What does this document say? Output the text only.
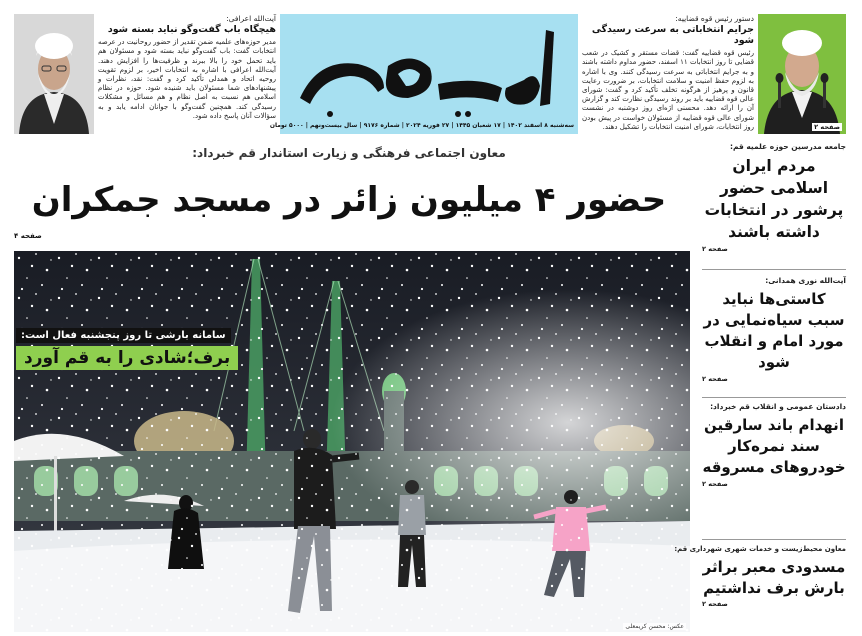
آیت‌الله اعرافی:
هیچگاه باب گفت‌وگو نباید بسته شود
مدیر حوزه‌های علمیه ضمن تقدیر از حضور روحانیت در عرصه انتخابات گفت: باب گفت‌وگو نباید بسته شود و مسئولان هم باید تحمل خود را بالا ببرند و ظرفیت‌ها را افزایش دهند. آیت‌الله اعرافی با اشاره به انتخابات اخیر، بر لزوم تقویت روحیه اتحاد و همدلی تأکید کرد و گفت: نقد، نظرات و پیشنهادهای شما مسئولان باید شنیده شود. حوزه در نظام اسلامی هم نسبت به اصل نظام و هم مسائل و مشکلات رسیدگی کند. همچنین گفت‌وگو با جوانان ادامه یابد و به سؤالات آنان پاسخ داده شود.
سه‌شنبه ۸ اسفند ۱۴۰۲ | ۱۷ شعبان ۱۴۴۵ | ۲۷ فوریه ۲۰۲۴ | شماره ۹۱۷۶ | سال بیست‌ونهم | ۵۰۰۰ تومان
دستور رئیس قوه قضاییه:
جرایم انتخاباتی به سرعت رسیدگی شود
رئیس قوه قضاییه گفت: قضات مستقر و کشیک در شعب قضایی تا روز انتخابات ۱۱ اسفند، حضور مداوم داشته باشند و به جرایم انتخاباتی به سرعت رسیدگی کنند. وی با اشاره به لزوم حفظ امنیت و سلامت انتخابات، بر ضرورت رعایت قانون و پرهیز از هرگونه تخلف تأکید کرد و گفت: شورای عالی قوه قضاییه باید بر روند رسیدگی نظارت کند و گزارش آن را ارائه دهد. محسنی اژه‌ای روز دوشنبه در نشست شورای عالی قوه قضاییه از مسئولان خواست در پیش بودن روز انتخابات، شورای امنیت انتخابات را تشکیل دهند.	صفحه ۲
معاون اجتماعی فرهنگی و زیارت استاندار قم خبرداد:
حضور ۴ میلیون زائر در مسجد جمکران
صفحه ۴
سامانه بارشی تا روز پنجشنبه فعال است:
برف؛شادی را به قم آورد
عکس: محسن کریمعلی
جامعه مدرسین حوزه علمیه قم:
مردم ایران اسلامی حضور پرشور در انتخابات داشته باشند
صفحه ۲
آیت‌الله نوری همدانی:
کاستی‌ها نباید سبب سیاه‌نمایی در مورد امام و انقلاب شود
صفحه ۲
دادستان عمومی و انقلاب قم خبرداد:
انهدام باند سارقین سند نمره‌کار خودروهای مسروقه
صفحه ۲
معاون محیط‌زیست و خدمات شهری شهرداری قم:
مسدودی معبر براثر بارش برف نداشتیم
صفحه ۲
